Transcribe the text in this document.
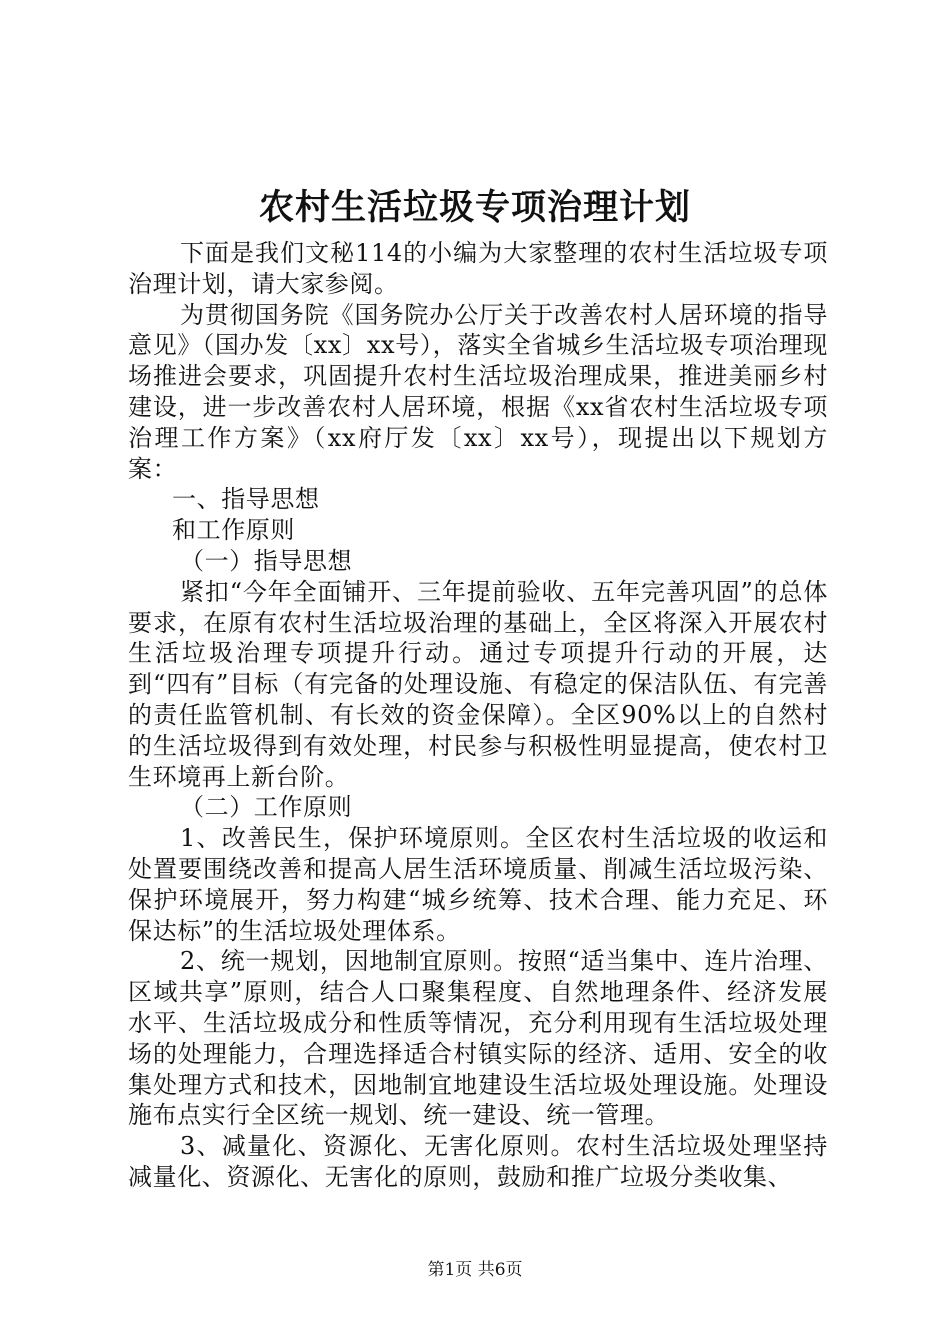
农村生活垃圾专项治理计划

下面是我们文秘114的小编为大家整理的农村生活垃圾专项治理计划，请大家参阅。

为贯彻国务院《国务院办公厅关于改善农村人居环境的指导意见》（国办发〔xx〕xx号），落实全省城乡生活垃圾专项治理现场推进会要求，巩固提升农村生活垃圾治理成果，推进美丽乡村建设，进一步改善农村人居环境，根据《xx省农村生活垃圾专项治理工作方案》（xx府厅发〔xx〕xx号），现提出以下规划方案：

一、指导思想

和工作原则

（一）指导思想

紧扣“今年全面铺开、三年提前验收、五年完善巩固”的总体要求，在原有农村生活垃圾治理的基础上，全区将深入开展农村生活垃圾治理专项提升行动。通过专项提升行动的开展，达到“四有”目标（有完备的处理设施、有稳定的保洁队伍、有完善的责任监管机制、有长效的资金保障）。全区90%以上的自然村的生活垃圾得到有效处理，村民参与积极性明显提高，使农村卫生环境再上新台阶。

（二）工作原则

1、改善民生，保护环境原则。全区农村生活垃圾的收运和处置要围绕改善和提高人居生活环境质量、削减生活垃圾污染、保护环境展开，努力构建“城乡统筹、技术合理、能力充足、环保达标”的生活垃圾处理体系。

2、统一规划，因地制宜原则。按照“适当集中、连片治理、区域共享”原则，结合人口聚集程度、自然地理条件、经济发展水平、生活垃圾成分和性质等情况，充分利用现有生活垃圾处理场的处理能力，合理选择适合村镇实际的经济、适用、安全的收集处理方式和技术，因地制宜地建设生活垃圾处理设施。处理设施布点实行全区统一规划、统一建设、统一管理。

3、减量化、资源化、无害化原则。农村生活垃圾处理坚持减量化、资源化、无害化的原则，鼓励和推广垃圾分类收集、

第1页 共6页
